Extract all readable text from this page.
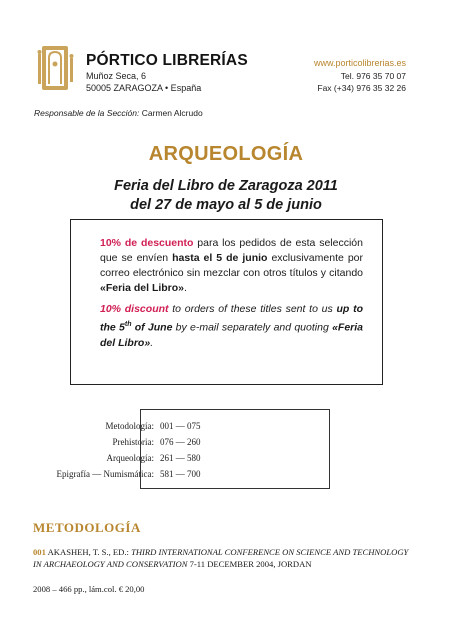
PÓRTICO LIBRERÍAS
Muñoz Seca, 6
50005 ZARAGOZA • España
www.porticolibrerias.es
Tel. 976 35 70 07
Fax (+34) 976 35 32 26
Responsable de la Sección: Carmen Alcrudo
ARQUEOLOGÍA
Feria del Libro de Zaragoza 2011
del 27 de mayo al 5 de junio
10% de descuento para los pedidos de esta selección que se envíen hasta el 5 de junio exclusivamente por correo electrónico sin mezclar con otros títulos y citando «Feria del Libro».
10% discount to orders of these titles sent to us up to the 5th of June by e-mail separately and quoting «Feria del Libro».
Metodología: 001 — 075
Prehistoria: 076 — 260
Arqueología: 261 — 580
Epigrafía — Numismática: 581 — 700
METODOLOGÍA
001 AKASHEH, T. S., ED.: THIRD INTERNATIONAL CONFERENCE ON SCIENCE AND TECHNOLOGY IN ARCHAEOLOGY AND CONSERVATION 7-11 DECEMBER 2004, JORDAN
2008 – 466 pp., lám.col. € 20,00
